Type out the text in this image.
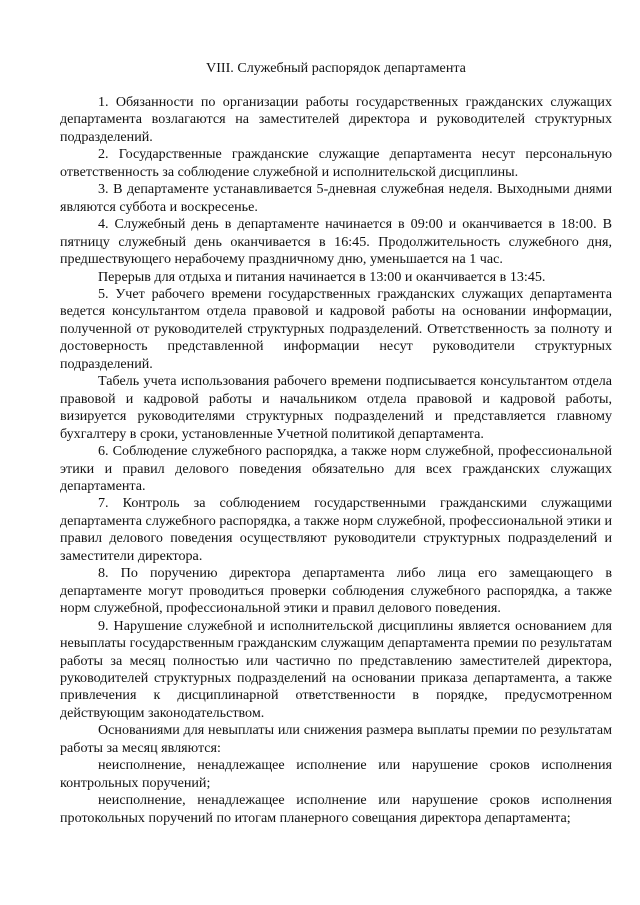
VIII. Служебный распорядок департамента

1. Обязанности по организации работы государственных гражданских служащих департамента возлагаются на заместителей директора и руководителей структурных подразделений.

2. Государственные гражданские служащие департамента несут персональную ответственность за соблюдение служебной и исполнительской дисциплины.

3. В департаменте устанавливается 5-дневная служебная неделя. Выходными днями являются суббота и воскресенье.

4. Служебный день в департаменте начинается в 09:00 и оканчивается в 18:00. В пятницу служебный день оканчивается в 16:45. Продолжительность служебного дня, предшествующего нерабочему праздничному дню, уменьшается на 1 час.

Перерыв для отдыха и питания начинается в 13:00 и оканчивается в 13:45.

5. Учет рабочего времени государственных гражданских служащих департамента ведется консультантом отдела правовой и кадровой работы на основании информации, полученной от руководителей структурных подразделений. Ответственность за полноту и достоверность представленной информации несут руководители структурных подразделений.

Табель учета использования рабочего времени подписывается консультантом отдела правовой и кадровой работы и начальником отдела правовой и кадровой работы, визируется руководителями структурных подразделений и представляется главному бухгалтеру в сроки, установленные Учетной политикой департамента.

6. Соблюдение служебного распорядка, а также норм служебной, профессиональной этики и правил делового поведения обязательно для всех гражданских служащих департамента.

7. Контроль за соблюдением государственными гражданскими служащими департамента служебного распорядка, а также норм служебной, профессиональной этики и правил делового поведения осуществляют руководители структурных подразделений и заместители директора.

8. По поручению директора департамента либо лица его замещающего в департаменте могут проводиться проверки соблюдения служебного распорядка, а также норм служебной, профессиональной этики и правил делового поведения.

9. Нарушение служебной и исполнительской дисциплины является основанием для невыплаты государственным гражданским служащим департамента премии по результатам работы за месяц полностью или частично по представлению заместителей директора, руководителей структурных подразделений на основании приказа департамента, а также привлечения к дисциплинарной ответственности в порядке, предусмотренном действующим законодательством.

Основаниями для невыплаты или снижения размера выплаты премии по результатам работы за месяц являются:

неисполнение, ненадлежащее исполнение или нарушение сроков исполнения контрольных поручений;

неисполнение, ненадлежащее исполнение или нарушение сроков исполнения протокольных поручений по итогам планерного совещания директора департамента;
